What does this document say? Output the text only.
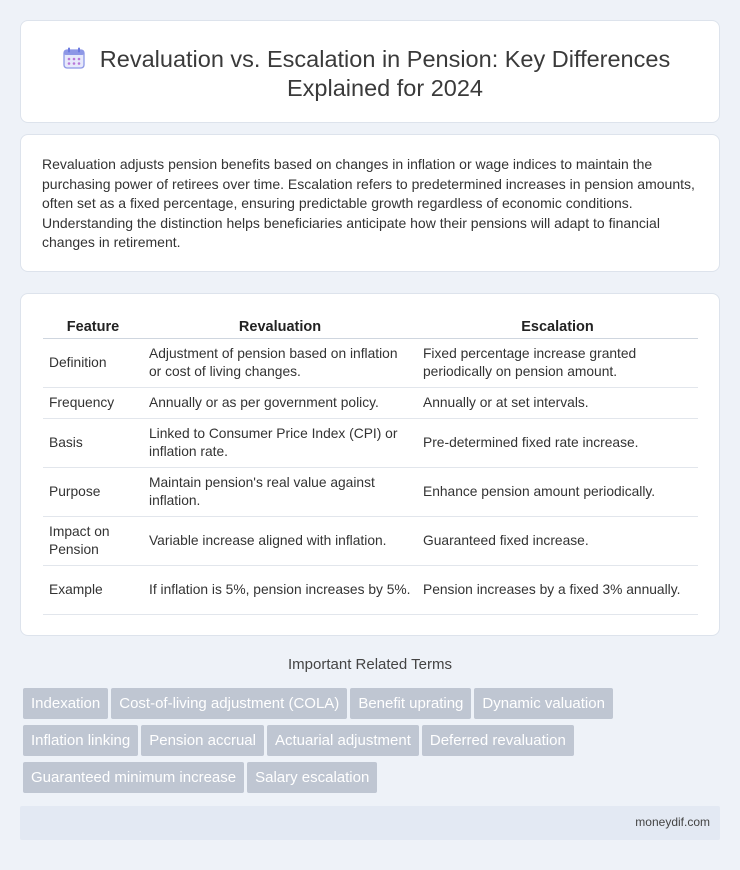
Revaluation vs. Escalation in Pension: Key Differences Explained for 2024

Revaluation adjusts pension benefits based on changes in inflation or wage indices to maintain the purchasing power of retirees over time. Escalation refers to predetermined increases in pension amounts, often set as a fixed percentage, ensuring predictable growth regardless of economic conditions. Understanding the distinction helps beneficiaries anticipate how their pensions will adapt to financial changes in retirement.

Feature	Revaluation	Escalation
Definition	Adjustment of pension based on inflation or cost of living changes.	Fixed percentage increase granted periodically on pension amount.
Frequency	Annually or as per government policy.	Annually or at set intervals.
Basis	Linked to Consumer Price Index (CPI) or inflation rate.	Pre-determined fixed rate increase.
Purpose	Maintain pension's real value against inflation.	Enhance pension amount periodically.
Impact on Pension	Variable increase aligned with inflation.	Guaranteed fixed increase.
Example	If inflation is 5%, pension increases by 5%.	Pension increases by a fixed 3% annually.
Important Related Terms
Indexation Cost-of-living adjustment (COLA) Benefit uprating Dynamic valuation
Inflation linking Pension accrual Actuarial adjustment Deferred revaluation
Guaranteed minimum increase Salary escalation
moneydif.com
